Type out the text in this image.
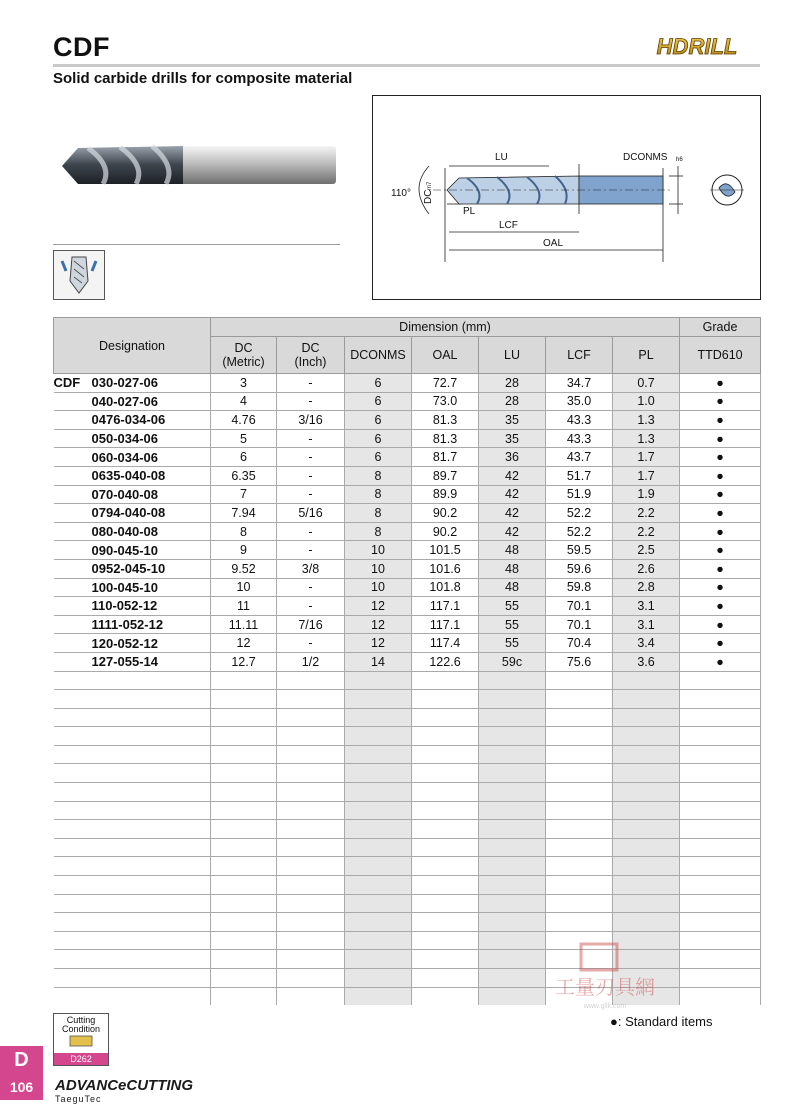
CDF
Solid carbide drills for composite material
HDRILL
LU	DCONMS h6
110° DC
m7
PL
LCF
OAL
Designation	Dimension (mm)							Grade
	DC
(Metric)	DC
(Inch)	DCONMS	OAL	LU	LCF	PL	TTD610
CDF 030-027-06	3	-	6	72.7	28	34.7	0.7	●
040-027-06	4	-	6	73.0	28	35.0	1.0	●
0476-034-06	4.76	3/16	6	81.3	35	43.3	1.3	●
050-034-06	5	-	6	81.3	35	43.3	1.3	●
060-034-06	6	-	6	81.7	36	43.7	1.7	●
0635-040-08	6.35	-	8	89.7	42	51.7	1.7	●
070-040-08	7	-	8	89.9	42	51.9	1.9	●
0794-040-08	7.94	5/16	8	90.2	42	52.2	2.2	●
080-040-08	8	-	8	90.2	42	52.2	2.2	●
090-045-10	9	-	10	101.5	48	59.5	2.5	●
0952-045-10	9.52	3/8	10	101.6	48	59.6	2.6	●
100-045-10	10	-	10	101.8	48	59.8	2.8	●
110-052-12	11	-	12	117.1	55	70.1	3.1	●
1111-052-12	11.11	7/16	12	117.1	55	70.1	3.1	●
120-052-12	12	-	12	117.4	55	70.4	3.4	●
127-055-14	12.7	1/2	14	122.6	59c	75.6	3.6	●

Cutting Condition
D262
●: Standard items
D
106	ADVANCeCUTTING
TaeguTec
工量刃具網
www.gllk.com
